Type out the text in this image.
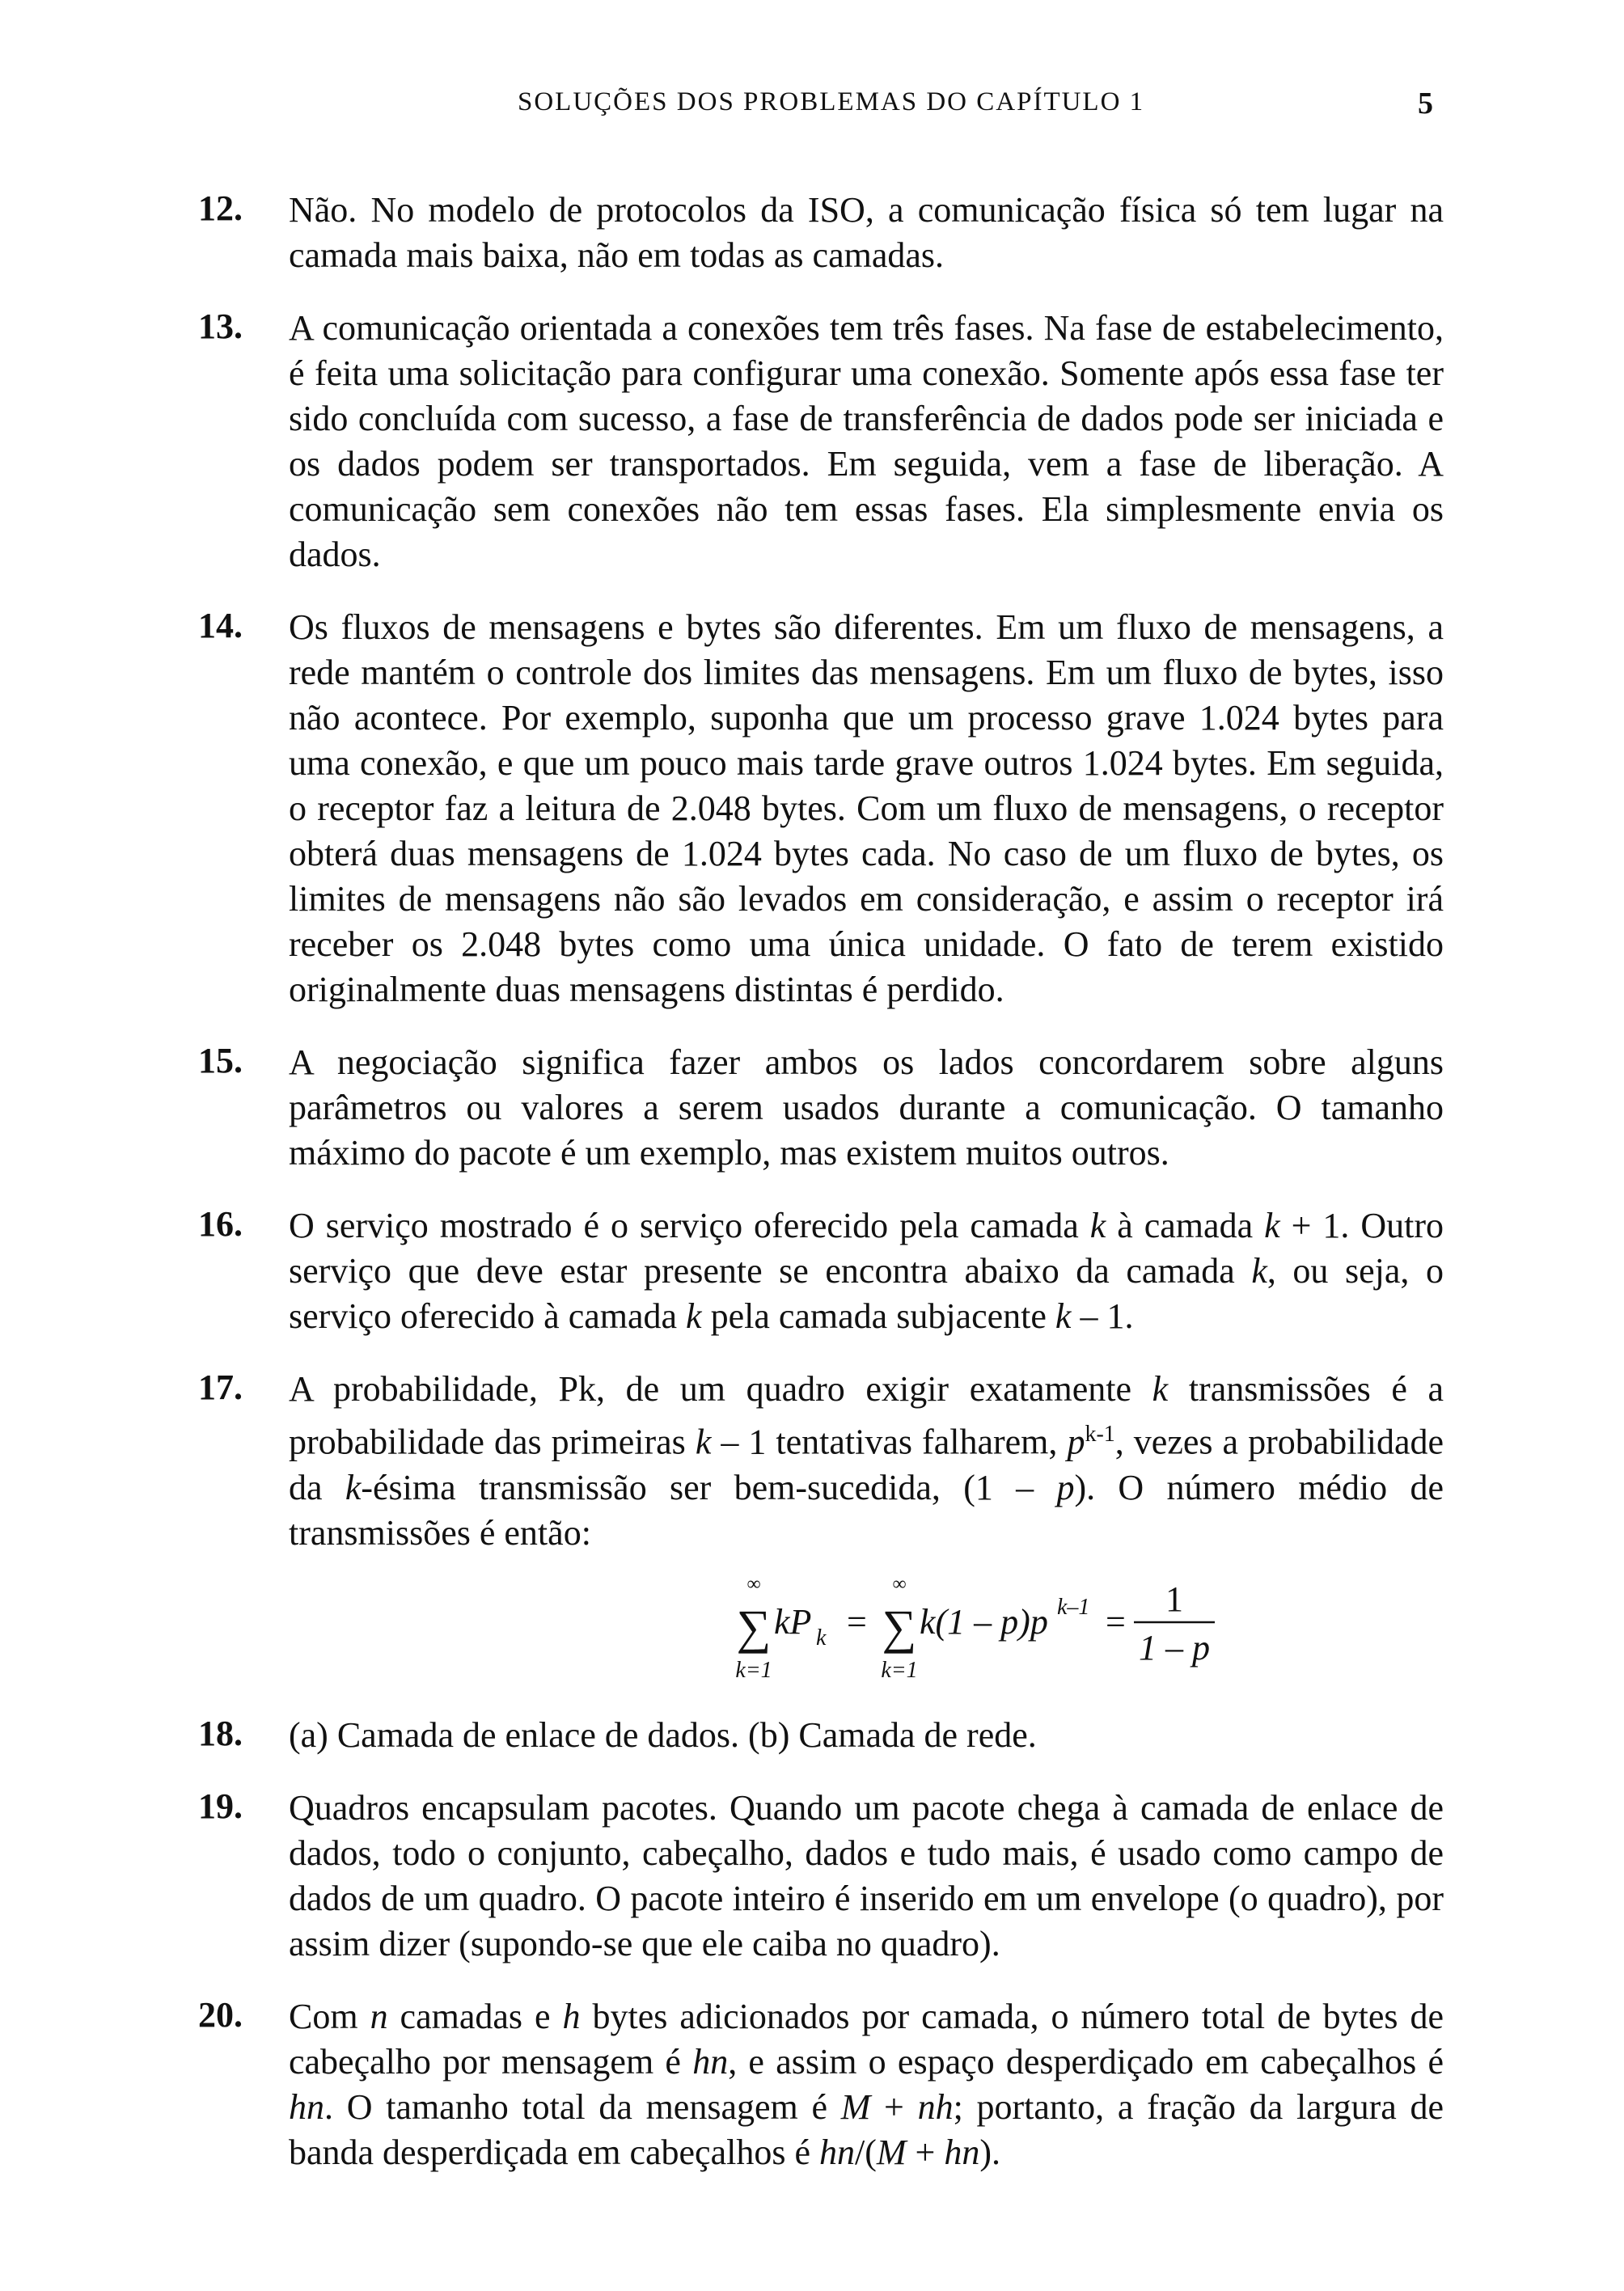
SOLUÇÕES DOS PROBLEMAS DO CAPÍTULO 1	5
12. Não. No modelo de protocolos da ISO, a comunicação física só tem lugar na camada mais baixa, não em todas as camadas.
13. A comunicação orientada a conexões tem três fases. Na fase de estabelecimento, é feita uma solicitação para configurar uma conexão. Somente após essa fase ter sido concluída com sucesso, a fase de transferência de dados pode ser iniciada e os dados podem ser transportados. Em seguida, vem a fase de liberação. A comunicação sem conexões não tem essas fases. Ela simplesmente envia os dados.
14. Os fluxos de mensagens e bytes são diferentes. Em um fluxo de mensagens, a rede mantém o controle dos limites das mensagens. Em um fluxo de bytes, isso não acontece. Por exemplo, suponha que um processo grave 1.024 bytes para uma conexão, e que um pouco mais tarde grave outros 1.024 bytes. Em seguida, o receptor faz a leitura de 2.048 bytes. Com um fluxo de mensagens, o receptor obterá duas mensagens de 1.024 bytes cada. No caso de um fluxo de bytes, os limites de mensagens não são levados em consideração, e assim o receptor irá receber os 2.048 bytes como uma única unidade. O fato de terem existido originalmente duas mensagens distintas é perdido.
15. A negociação significa fazer ambos os lados concordarem sobre alguns parâmetros ou valores a serem usados durante a comunicação. O tamanho máximo do pacote é um exemplo, mas existem muitos outros.
16. O serviço mostrado é o serviço oferecido pela camada k à camada k + 1. Outro serviço que deve estar presente se encontra abaixo da camada k, ou seja, o serviço oferecido à camada k pela camada subjacente k – 1.
17. A probabilidade, Pk, de um quadro exigir exatamente k transmissões é a probabilidade das primeiras k – 1 tentativas falharem, $p^{k-1}$, vezes a probabilidade da k-ésima transmissão ser bem-sucedida, (1 – p). O número médio de transmissões é então:
∞
∑
k=1
kP k =
∞
∑
k=1
k(1 – p)p k–1 =
1
1 – p
18. (a) Camada de enlace de dados. (b) Camada de rede.
19. Quadros encapsulam pacotes. Quando um pacote chega à camada de enlace de dados, todo o conjunto, cabeçalho, dados e tudo mais, é usado como campo de dados de um quadro. O pacote inteiro é inserido em um envelope (o quadro), por assim dizer (supondo-se que ele caiba no quadro).
20. Com n camadas e h bytes adicionados por camada, o número total de bytes de cabeçalho por mensagem é hn, e assim o espaço desperdiçado em cabeçalhos é hn. O tamanho total da mensagem é M + nh; portanto, a fração da largura de banda desperdiçada em cabeçalhos é hn/(M + hn).
